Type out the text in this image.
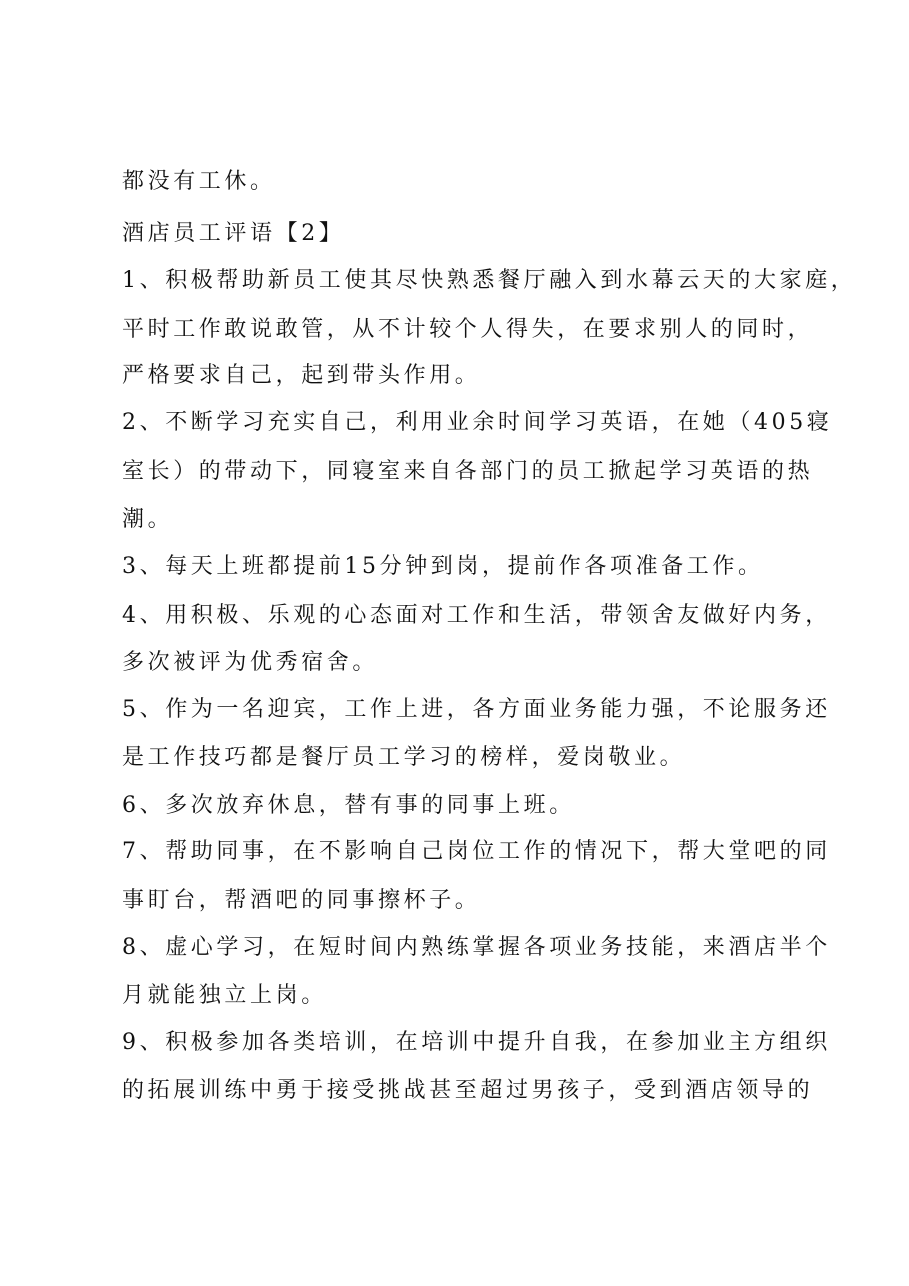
都没有工休。
酒店员工评语【2】
1、积极帮助新员工使其尽快熟悉餐厅融入到水幕云天的大家庭，
平时工作敢说敢管，从不计较个人得失，在要求别人的同时，
严格要求自己，起到带头作用。
2、不断学习充实自己，利用业余时间学习英语，在她（405寝
室长）的带动下，同寝室来自各部门的员工掀起学习英语的热
潮。
3、每天上班都提前15分钟到岗，提前作各项准备工作。
4、用积极、乐观的心态面对工作和生活，带领舍友做好内务，
多次被评为优秀宿舍。
5、作为一名迎宾，工作上进，各方面业务能力强，不论服务还
是工作技巧都是餐厅员工学习的榜样，爱岗敬业。
6、多次放弃休息，替有事的同事上班。
7、帮助同事，在不影响自己岗位工作的情况下，帮大堂吧的同
事盯台，帮酒吧的同事擦杯子。
8、虚心学习，在短时间内熟练掌握各项业务技能，来酒店半个
月就能独立上岗。
9、积极参加各类培训，在培训中提升自我，在参加业主方组织
的拓展训练中勇于接受挑战甚至超过男孩子，受到酒店领导的
